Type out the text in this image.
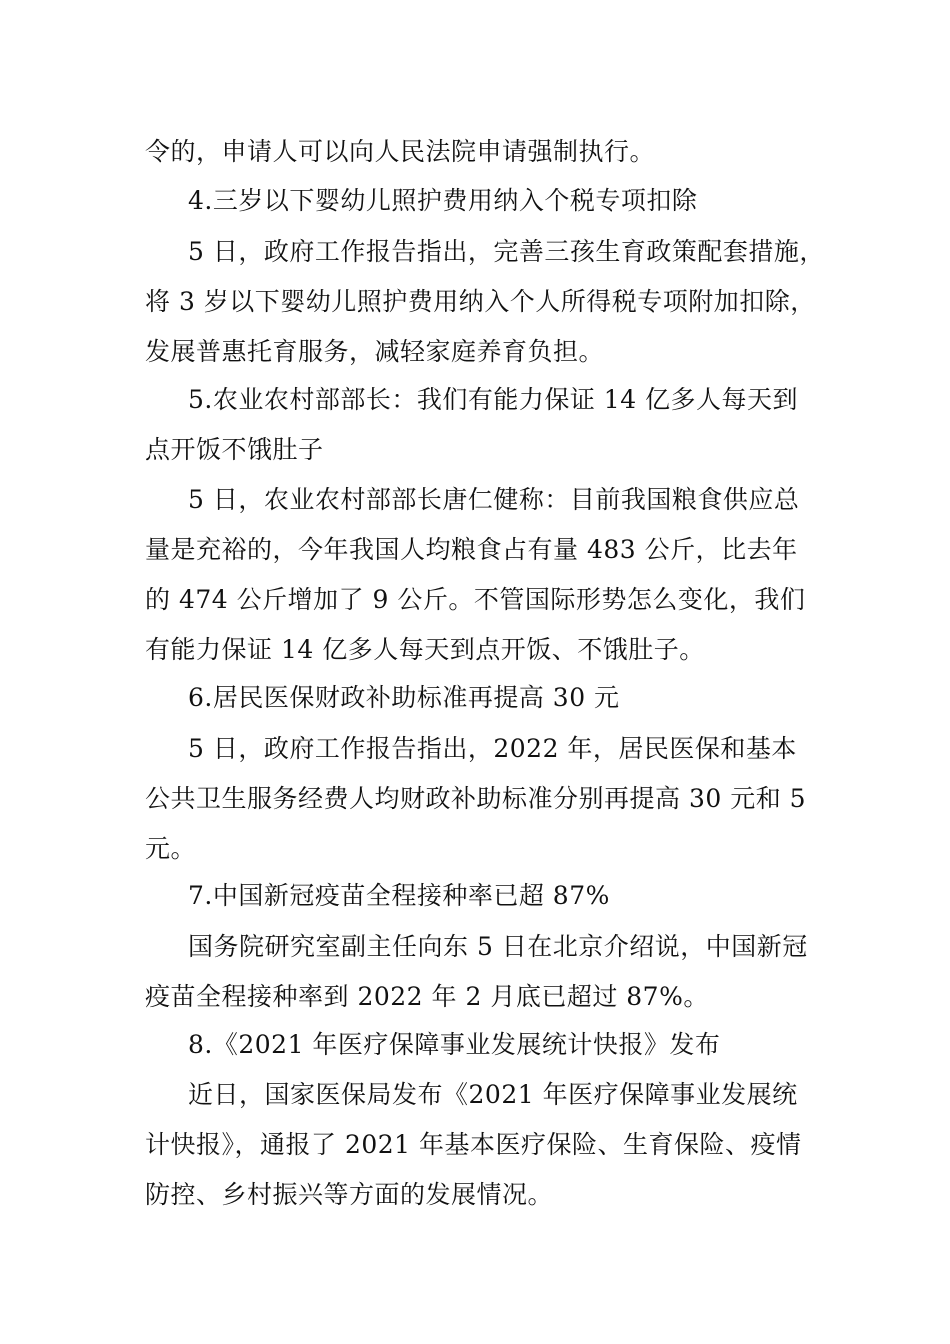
令的，申请人可以向人民法院申请强制执行。
4.三岁以下婴幼儿照护费用纳入个税专项扣除
5 日，政府工作报告指出，完善三孩生育政策配套措施，
将 3 岁以下婴幼儿照护费用纳入个人所得税专项附加扣除，
发展普惠托育服务，减轻家庭养育负担。
5.农业农村部部长：我们有能力保证 14 亿多人每天到
点开饭不饿肚子
5 日，农业农村部部长唐仁健称：目前我国粮食供应总
量是充裕的，今年我国人均粮食占有量 483 公斤，比去年
的 474 公斤增加了 9 公斤。不管国际形势怎么变化，我们
有能力保证 14 亿多人每天到点开饭、不饿肚子。
6.居民医保财政补助标准再提高 30 元
5 日，政府工作报告指出，2022 年，居民医保和基本
公共卫生服务经费人均财政补助标准分别再提高 30 元和 5
元。
7.中国新冠疫苗全程接种率已超 87%
国务院研究室副主任向东 5 日在北京介绍说，中国新冠
疫苗全程接种率到 2022 年 2 月底已超过 87%。
8.《2021 年医疗保障事业发展统计快报》发布
近日，国家医保局发布《2021 年医疗保障事业发展统
计快报》，通报了 2021 年基本医疗保险、生育保险、疫情
防控、乡村振兴等方面的发展情况。
